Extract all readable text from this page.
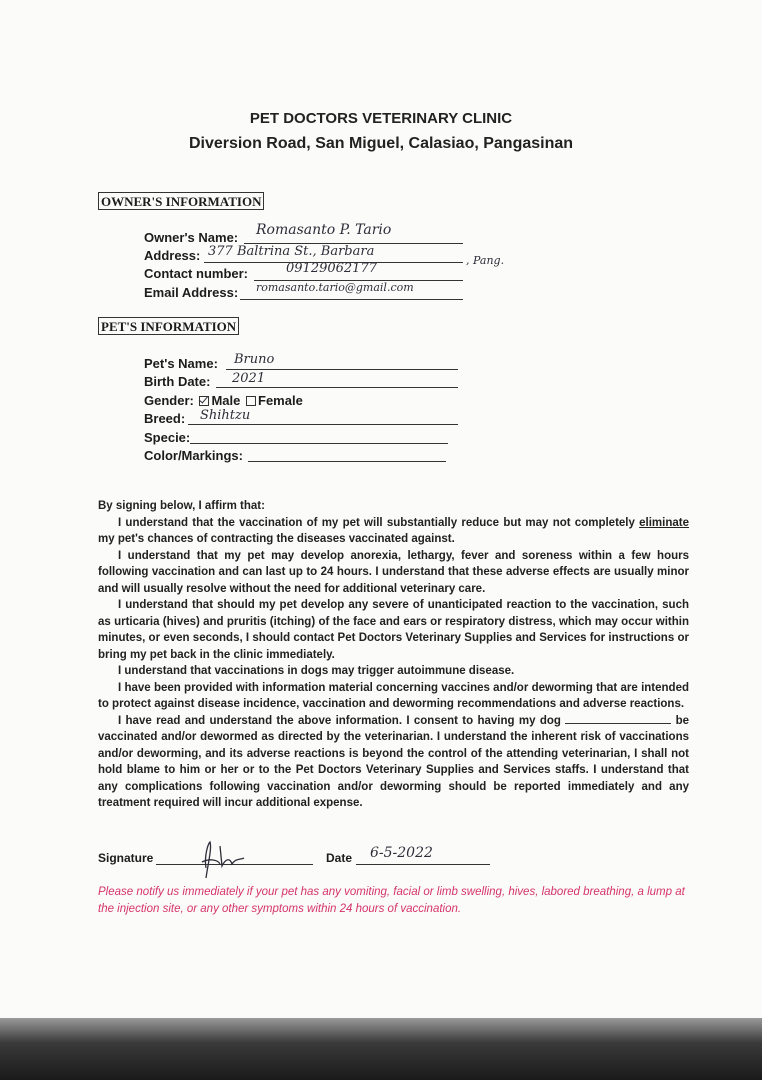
PET DOCTORS VETERINARY CLINIC
Diversion Road, San Miguel, Calasiao, Pangasinan
OWNER'S INFORMATION
Owner's Name: Romasanto P. Tario
Address: 377 Baltrina St., Barbara
, Pang.
Contact number:	09129062177
Email Address: romasanto.tario@gmail.com
PET'S INFORMATION
Pet's Name: Bruno
Birth Date: 2021
Gender: Male Female
Breed: Shihtzu
Specie:
Color/Markings:

By signing below, I affirm that:

I understand that the vaccination of my pet will substantially reduce but may not completely eliminate my pet's chances of contracting the diseases vaccinated against.

I understand that my pet may develop anorexia, lethargy, fever and soreness within a few hours following vaccination and can last up to 24 hours. I understand that these adverse effects are usually minor and will usually resolve without the need for additional veterinary care.

I understand that should my pet develop any severe of unanticipated reaction to the vaccination, such as urticaria (hives) and pruritis (itching) of the face and ears or respiratory distress, which may occur within minutes, or even seconds, I should contact Pet Doctors Veterinary Supplies and Services for instructions or bring my pet back in the clinic immediately.

I understand that vaccinations in dogs may trigger autoimmune disease.

I have been provided with information material concerning vaccines and/or deworming that are intended to protect against disease incidence, vaccination and deworming recommendations and adverse reactions.

I have read and understand the above information. I consent to having my dog	be vaccinated and/or dewormed as directed by the veterinarian. I understand the inherent risk of vaccinations and/or deworming, and its adverse reactions is beyond the control of the attending veterinarian, I shall not hold blame to him or her or to the Pet Doctors Veterinary Supplies and Services staffs. I understand that any complications following vaccination and/or deworming should be reported immediately and any treatment required will incur additional expense.

Signature	Date 6-5-2022
Please notify us immediately if your pet has any vomiting, facial or limb swelling, hives, labored breathing, a lump at the injection site, or any other symptoms within 24 hours of vaccination.
